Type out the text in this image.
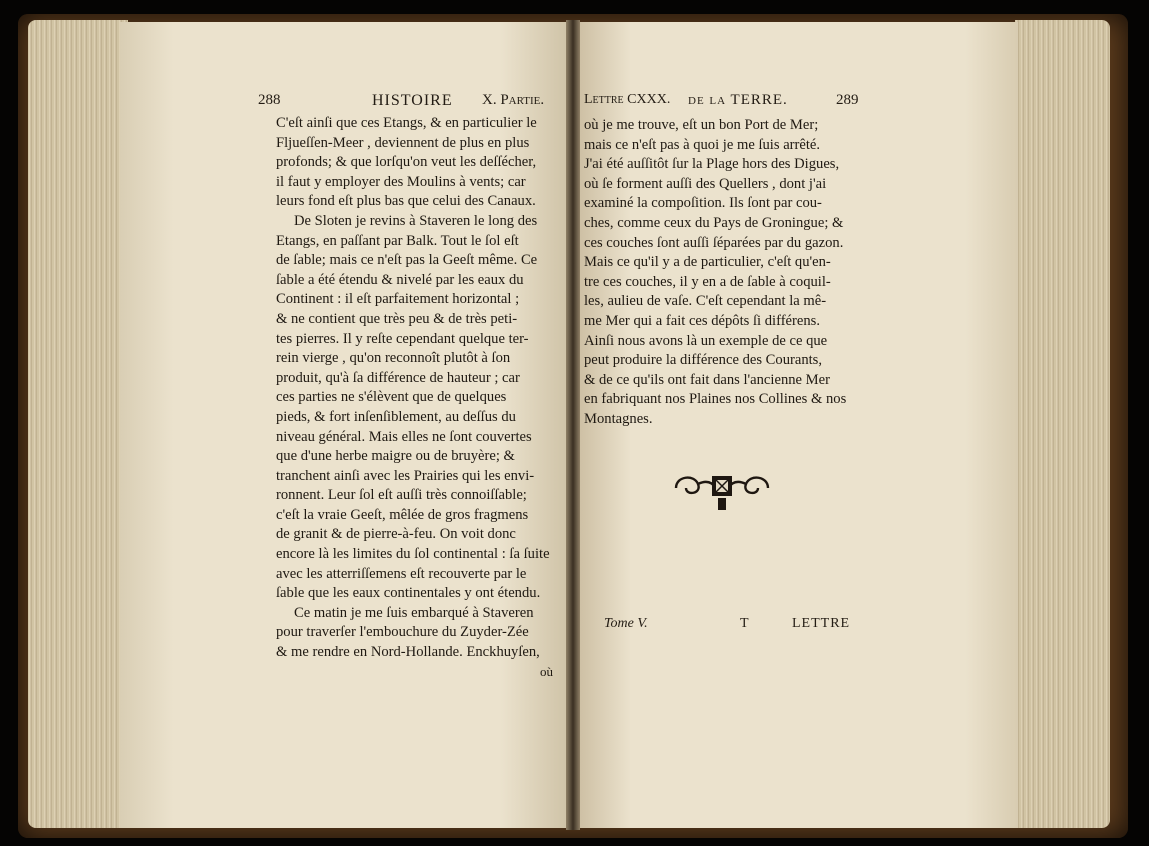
288	HISTOIRE X. Partie.

C'eſt ainſi que ces Etangs, & en particulier le

Fljueſſen-Meer , deviennent de plus en plus

profonds; & que lorſqu'on veut les deſſécher,

il faut y employer des Moulins à vents; car

leurs fond eſt plus bas que celui des Canaux.

De Sloten je revins à Staveren le long des

Etangs, en paſſant par Balk. Tout le ſol eſt

de ſable; mais ce n'eſt pas la Geeſt même. Ce

ſable a été étendu & nivelé par les eaux du

Continent : il eſt parfaitement horizontal ;

& ne contient que très peu & de très peti-

tes pierres. Il y reſte cependant quelque ter-

rein vierge , qu'on reconnoît plutôt à ſon

produit, qu'à ſa différence de hauteur ; car

ces parties ne s'élèvent que de quelques

pieds, & fort inſenſiblement, au deſſus du

niveau général. Mais elles ne ſont couvertes

que d'une herbe maigre ou de bruyère; &

tranchent ainſi avec les Prairies qui les envi-

ronnent. Leur ſol eſt auſſi très connoiſſable;

c'eſt la vraie Geeſt, mêlée de gros fragmens

de granit & de pierre-à-feu. On voit donc

encore là les limites du ſol continental : ſa ſuite

avec les atterriſſemens eſt recouverte par le

ſable que les eaux continentales y ont étendu.

Ce matin je me ſuis embarqué à Staveren

pour traverſer l'embouchure du Zuyder-Zée

& me rendre en Nord-Hollande. Enckhuyſen,

où
Lettre CXXX. de la TERRE.	289

où je me trouve, eſt un bon Port de Mer;

mais ce n'eſt pas à quoi je me ſuis arrêté.

J'ai été auſſitôt ſur la Plage hors des Digues,

où ſe forment auſſi des Quellers , dont j'ai

examiné la compoſition. Ils ſont par cou-

ches, comme ceux du Pays de Groningue; &

ces couches ſont auſſi ſéparées par du gazon.

Mais ce qu'il y a de particulier, c'eſt qu'en-

tre ces couches, il y en a de ſable à coquil-

les, aulieu de vaſe. C'eſt cependant la mê-

me Mer qui a fait ces dépôts ſi différens.

Ainſi nous avons là un exemple de ce que

peut produire la différence des Courants,

& de ce qu'ils ont fait dans l'ancienne Mer

en fabriquant nos Plaines nos Collines & nos

Montagnes.

Tome V.	T	LETTRE
